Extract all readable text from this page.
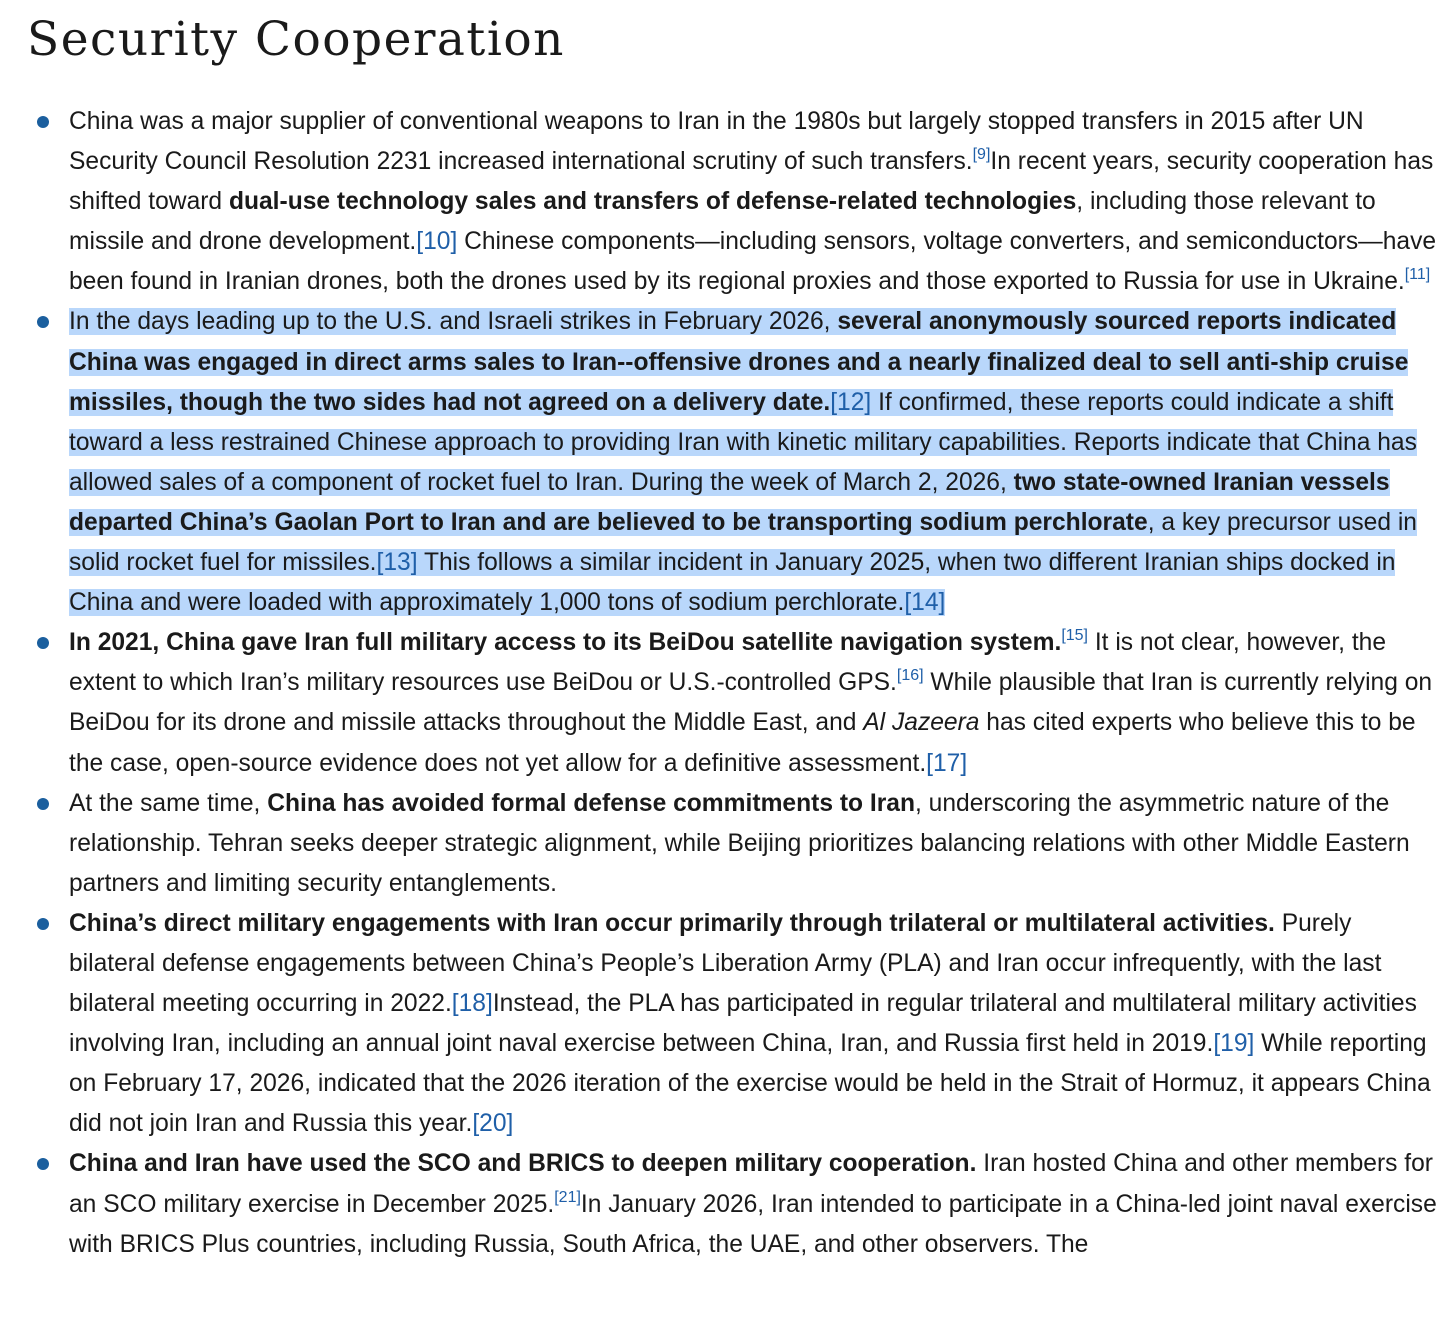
Security Cooperation
China was a major supplier of conventional weapons to Iran in the 1980s but largely stopped transfers in 2015 after UN Security Council Resolution 2231 increased international scrutiny of such transfers.[9]In recent years, security cooperation has shifted toward dual-use technology sales and transfers of defense-related technologies, including those relevant to missile and drone development.[10] Chinese components—including sensors, voltage converters, and semiconductors—have been found in Iranian drones, both the drones used by its regional proxies and those exported to Russia for use in Ukraine.[11]
In the days leading up to the U.S. and Israeli strikes in February 2026, several anonymously sourced reports indicated China was engaged in direct arms sales to Iran--offensive drones and a nearly finalized deal to sell anti-ship cruise missiles, though the two sides had not agreed on a delivery date.[12] If confirmed, these reports could indicate a shift toward a less restrained Chinese approach to providing Iran with kinetic military capabilities. Reports indicate that China has allowed sales of a component of rocket fuel to Iran. During the week of March 2, 2026, two state-owned Iranian vessels departed China’s Gaolan Port to Iran and are believed to be transporting sodium perchlorate, a key precursor used in solid rocket fuel for missiles.[13] This follows a similar incident in January 2025, when two different Iranian ships docked in China and were loaded with approximately 1,000 tons of sodium perchlorate.[14]
In 2021, China gave Iran full military access to its BeiDou satellite navigation system.[15] It is not clear, however, the extent to which Iran’s military resources use BeiDou or U.S.-controlled GPS.[16] While plausible that Iran is currently relying on BeiDou for its drone and missile attacks throughout the Middle East, and Al Jazeera has cited experts who believe this to be the case, open-source evidence does not yet allow for a definitive assessment.[17]
At the same time, China has avoided formal defense commitments to Iran, underscoring the asymmetric nature of the relationship. Tehran seeks deeper strategic alignment, while Beijing prioritizes balancing relations with other Middle Eastern partners and limiting security entanglements.
China’s direct military engagements with Iran occur primarily through trilateral or multilateral activities. Purely bilateral defense engagements between China’s People’s Liberation Army (PLA) and Iran occur infrequently, with the last bilateral meeting occurring in 2022.[18]Instead, the PLA has participated in regular trilateral and multilateral military activities involving Iran, including an annual joint naval exercise between China, Iran, and Russia first held in 2019.[19] While reporting on February 17, 2026, indicated that the 2026 iteration of the exercise would be held in the Strait of Hormuz, it appears China did not join Iran and Russia this year.[20]
China and Iran have used the SCO and BRICS to deepen military cooperation. Iran hosted China and other members for an SCO military exercise in December 2025.[21]In January 2026, Iran intended to participate in a China-led joint naval exercise with BRICS Plus countries, including Russia, South Africa, the UAE, and other observers. The
